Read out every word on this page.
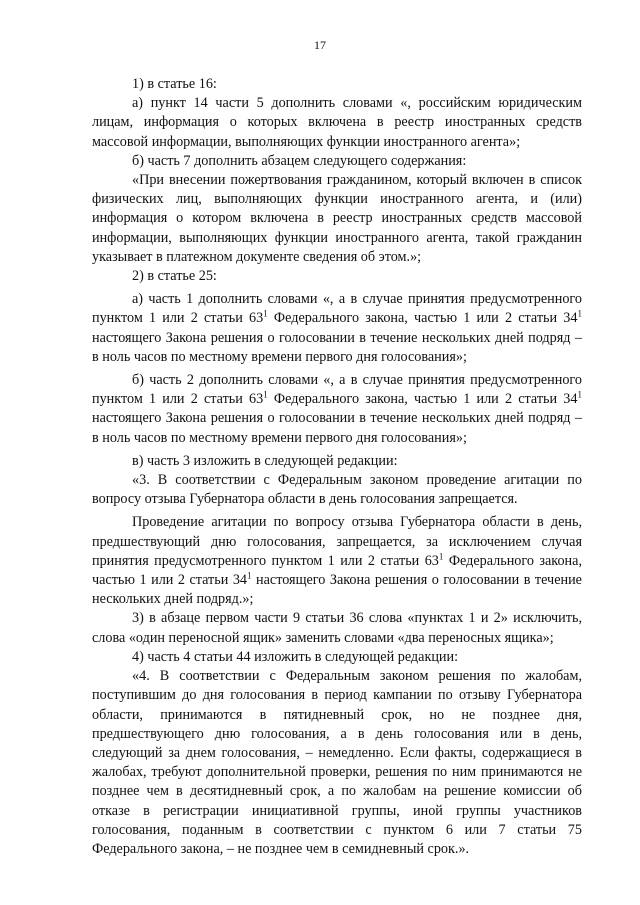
17

1) в статье 16:

а) пункт 14 части 5 дополнить словами «, российским юридическим лицам, информация о которых включена в реестр иностранных средств массовой информации, выполняющих функции иностранного агента»;

б) часть 7 дополнить абзацем следующего содержания:

«При внесении пожертвования гражданином, который включен в список физических лиц, выполняющих функции иностранного агента, и (или) информация о котором включена в реестр иностранных средств массовой информации, выполняющих функции иностранного агента, такой гражданин указывает в платежном документе сведения об этом.»;

2) в статье 25:

а) часть 1 дополнить словами «, а в случае принятия предусмотренного пунктом 1 или 2 статьи $63^1$ Федерального закона, частью 1 или 2 статьи $34^1$ настоящего Закона решения о голосовании в течение нескольких дней подряд – в ноль часов по местному времени первого дня голосования»;

б) часть 2 дополнить словами «, а в случае принятия предусмотренного пунктом 1 или 2 статьи $63^1$ Федерального закона, частью 1 или 2 статьи $34^1$ настоящего Закона решения о голосовании в течение нескольких дней подряд – в ноль часов по местному времени первого дня голосования»;

в) часть 3 изложить в следующей редакции:

«3. В соответствии с Федеральным законом проведение агитации по вопросу отзыва Губернатора области в день голосования запрещается.

Проведение агитации по вопросу отзыва Губернатора области в день, предшествующий дню голосования, запрещается, за исключением случая принятия предусмотренного пунктом 1 или 2 статьи $63^1$ Федерального закона, частью 1 или 2 статьи $34^1$ настоящего Закона решения о голосовании в течение нескольких дней подряд.»;

3) в абзаце первом части 9 статьи 36 слова «пунктах 1 и 2» исключить, слова «один переносной ящик» заменить словами «два переносных ящика»;

4) часть 4 статьи 44 изложить в следующей редакции:

«4. В соответствии с Федеральным законом решения по жалобам, поступившим до дня голосования в период кампании по отзыву Губернатора области, принимаются в пятидневный срок, но не позднее дня, предшествующего дню голосования, а в день голосования или в день, следующий за днем голосования, – немедленно. Если факты, содержащиеся в жалобах, требуют дополнительной проверки, решения по ним принимаются не позднее чем в десятидневный срок, а по жалобам на решение комиссии об отказе в регистрации инициативной группы, иной группы участников голосования, поданным в соответствии с пунктом 6 или 7 статьи 75 Федерального закона, – не позднее чем в семидневный срок.».
